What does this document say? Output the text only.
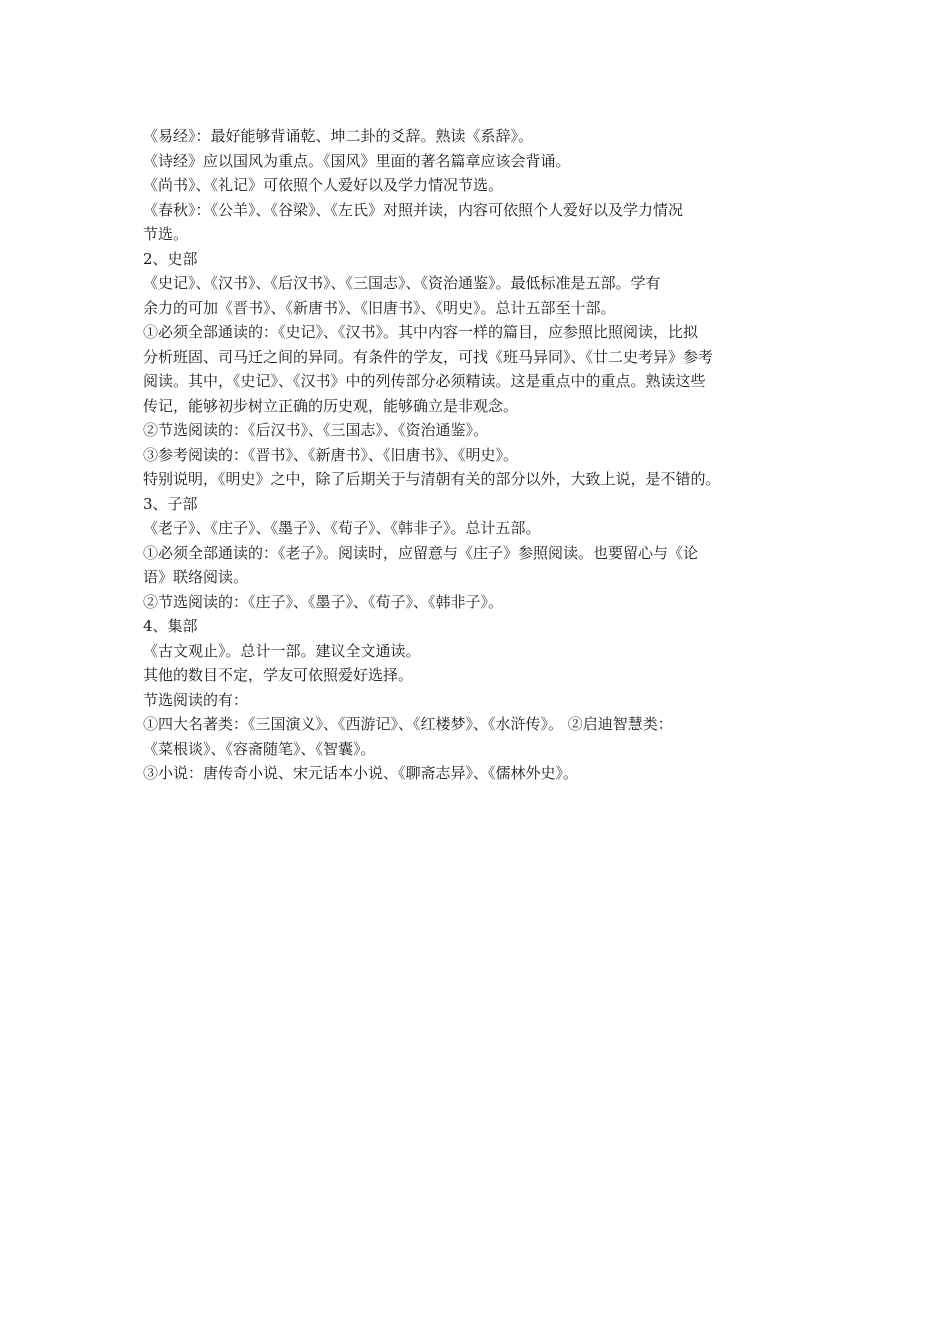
《易经》：最好能够背诵乾、坤二卦的爻辞。熟读《系辞》。
《诗经》应以国风为重点。《国风》里面的著名篇章应该会背诵。
《尚书》、《礼记》可依照个人爱好以及学力情况节选。
《春秋》：《公羊》、《谷梁》、《左氏》对照并读，内容可依照个人爱好以及学力情况
节选。
2、史部
《史记》、《汉书》、《后汉书》、《三国志》、《资治通鉴》。最低标准是五部。学有
余力的可加《晋书》、《新唐书》、《旧唐书》、《明史》。总计五部至十部。
①必须全部通读的：《史记》、《汉书》。其中内容一样的篇目，应参照比照阅读，比拟
分析班固、司马迁之间的异同。有条件的学友，可找《班马异同》、《廿二史考异》参考
阅读。其中，《史记》、《汉书》中的列传部分必须精读。这是重点中的重点。熟读这些
传记，能够初步树立正确的历史观，能够确立是非观念。
②节选阅读的：《后汉书》、《三国志》、《资治通鉴》。
③参考阅读的：《晋书》、《新唐书》、《旧唐书》、《明史》。
特别说明，《明史》之中，除了后期关于与清朝有关的部分以外，大致上说，是不错的。
3、子部
《老子》、《庄子》、《墨子》、《荀子》、《韩非子》。总计五部。
①必须全部通读的：《老子》。阅读时，应留意与《庄子》参照阅读。也要留心与《论
语》联络阅读。
②节选阅读的：《庄子》、《墨子》、《荀子》、《韩非子》。
4、集部
《古文观止》。总计一部。建议全文通读。
其他的数目不定，学友可依照爱好选择。
节选阅读的有：
①四大名著类：《三国演义》、《西游记》、《红楼梦》、《水浒传》。 ②启迪智慧类：
《菜根谈》、《容斋随笔》、《智囊》。
③小说：唐传奇小说、宋元话本小说、《聊斋志异》、《儒林外史》。
